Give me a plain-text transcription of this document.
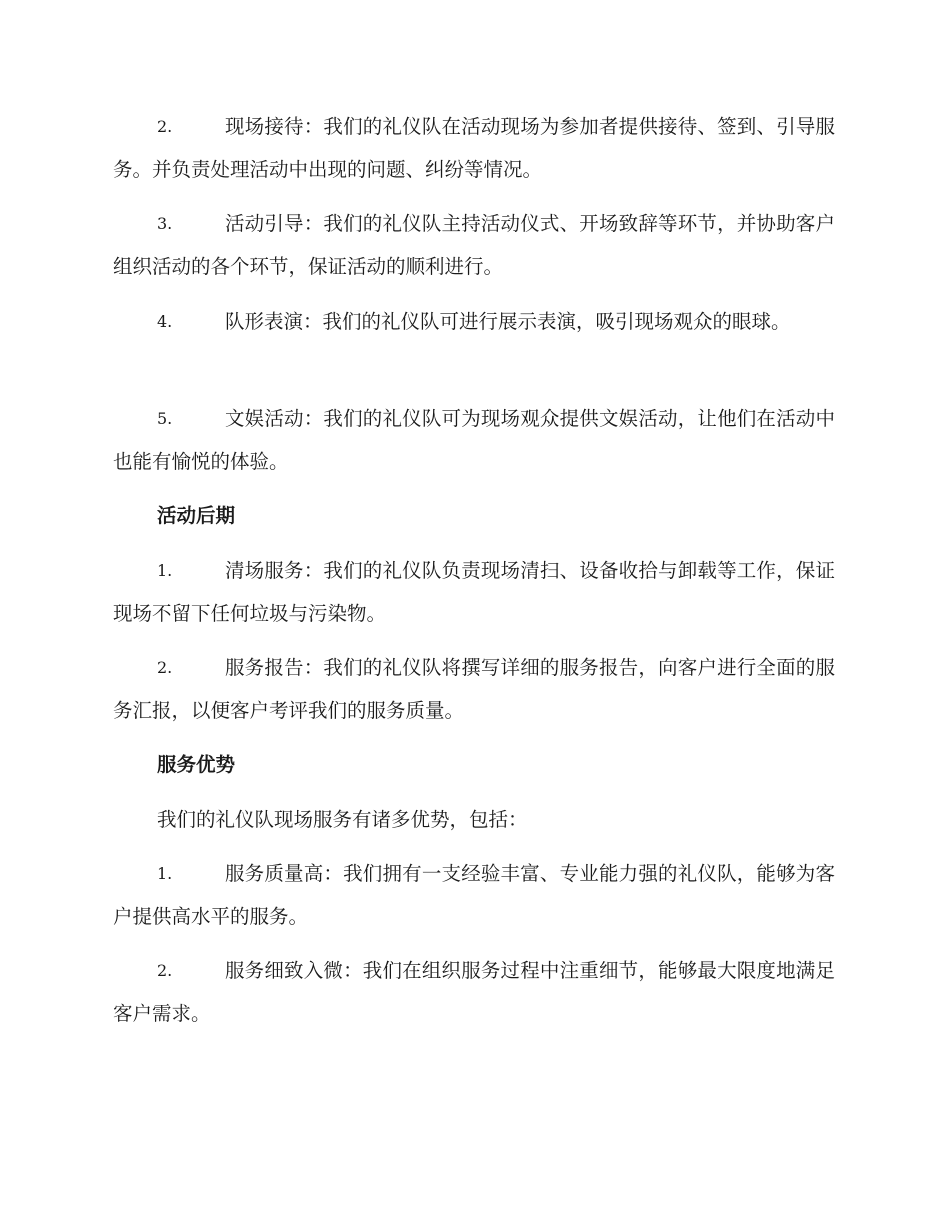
2.	现场接待：我们的礼仪队在活动现场为参加者提供接待、签到、引导服务。并负责处理活动中出现的问题、纠纷等情况。
3.	活动引导：我们的礼仪队主持活动仪式、开场致辞等环节，并协助客户组织活动的各个环节，保证活动的顺利进行。
4.	队形表演：我们的礼仪队可进行展示表演，吸引现场观众的眼球。
5.	文娱活动：我们的礼仪队可为现场观众提供文娱活动，让他们在活动中也能有愉悦的体验。
活动后期
1.	清场服务：我们的礼仪队负责现场清扫、设备收拾与卸载等工作，保证现场不留下任何垃圾与污染物。
2.	服务报告：我们的礼仪队将撰写详细的服务报告，向客户进行全面的服务汇报，以便客户考评我们的服务质量。
服务优势
我们的礼仪队现场服务有诸多优势，包括：
1.	服务质量高：我们拥有一支经验丰富、专业能力强的礼仪队，能够为客户提供高水平的服务。
2.	服务细致入微：我们在组织服务过程中注重细节，能够最大限度地满足客户需求。
